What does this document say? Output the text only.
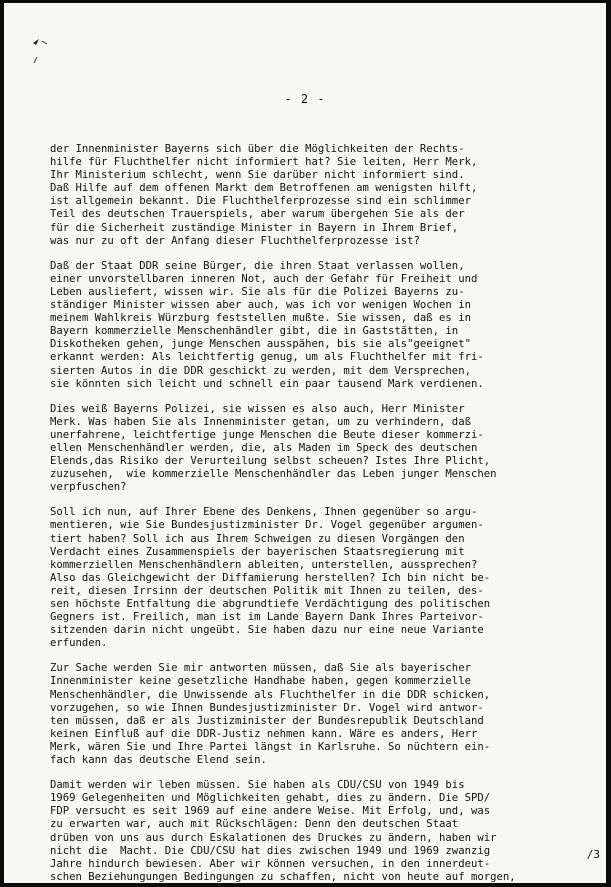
- 2 -

der Innenminister Bayerns sich über die Möglichkeiten der Rechts-
hilfe für Fluchthelfer nicht informiert hat? Sie leiten, Herr Merk,
Ihr Ministerium schlecht, wenn Sie darüber nicht informiert sind.
Daß Hilfe auf dem offenen Markt dem Betroffenen am wenigsten hilft,
ist allgemein bekannt. Die Fluchthelferprozesse sind ein schlimmer
Teil des deutschen Trauerspiels, aber warum übergehen Sie als der
für die Sicherheit zuständige Minister in Bayern in Ihrem Brief,
was nur zu oft der Anfang dieser Fluchthelferprozesse ist?

Daß der Staat DDR seine Bürger, die ihren Staat verlassen wollen,
einer unvorstellbaren inneren Not, auch der Gefahr für Freiheit und
Leben ausliefert, wissen wir. Sie als für die Polizei Bayerns zu-
ständiger Minister wissen aber auch, was ich vor wenigen Wochen in
meinem Wahlkreis Würzburg feststellen mußte. Sie wissen, daß es in
Bayern kommerzielle Menschenhändler gibt, die in Gaststätten, in
Diskotheken gehen, junge Menschen ausspähen, bis sie als"geeignet"
erkannt werden: Als leichtfertig genug, um als Fluchthelfer mit fri-
sierten Autos in die DDR geschickt zu werden, mit dem Versprechen,
sie könnten sich leicht und schnell ein paar tausend Mark verdienen.

Dies weiß Bayerns Polizei, sie wissen es also auch, Herr Minister
Merk. Was haben Sie als Innenminister getan, um zu verhindern, daß
unerfahrene, leichtfertige junge Menschen die Beute dieser kommerzi-
ellen Menschenhändler werden, die, als Maden im Speck des deutschen
Elends,das Risiko der Verurteilung selbst scheuen? Istes Ihre Plicht,
zuzusehen,  wie kommerzielle Menschenhändler das Leben junger Menschen
verpfuschen?

Soll ich nun, auf Ihrer Ebene des Denkens, Ihnen gegenüber so argu-
mentieren, wie Sie Bundesjustizminister Dr. Vogel gegenüber argumen-
tiert haben? Soll ich aus Ihrem Schweigen zu diesen Vorgängen den
Verdacht eines Zusammenspiels der bayerischen Staatsregierung mit
kommerziellen Menschenhändlern ableiten, unterstellen, aussprechen?
Also das Gleichgewicht der Diffamierung herstellen? Ich bin nicht be-
reit, diesen Irrsinn der deutschen Politik mit Ihnen zu teilen, des-
sen höchste Entfaltung die abgrundtiefe Verdächtigung des politischen
Gegners ist. Freilich, man ist im Lande Bayern Dank Ihres Parteivor-
sitzenden darin nicht ungeübt. Sie haben dazu nur eine neue Variante
erfunden.

Zur Sache werden Sie mir antworten müssen, daß Sie als bayerischer
Innenminister keine gesetzliche Handhabe haben, gegen kommerzielle
Menschenhändler, die Unwissende als Fluchthelfer in die DDR schicken,
vorzugehen, so wie Ihnen Bundesjustizminister Dr. Vogel wird antwor-
ten müssen, daß er als Justizminister der Bundesrepublik Deutschland
keinen Einfluß auf die DDR-Justiz nehmen kann. Wäre es anders, Herr
Merk, wären Sie und Ihre Partei längst in Karlsruhe. So nüchtern ein-
fach kann das deutsche Elend sein.

Damit werden wir leben müssen. Sie haben als CDU/CSU von 1949 bis
1969 Gelegenheiten und Möglichkeiten gehabt, dies zu ändern. Die SPD/
FDP versucht es seit 1969 auf eine andere Weise. Mit Erfolg, und, was
zu erwarten war, auch mit Rückschlägen: Denn den deutschen Staat
drüben von uns aus durch Eskalationen des Druckes zu ändern, haben wir
nicht die  Macht. Die CDU/CSU hat dies zwischen 1949 und 1969 zwanzig
Jahre hindurch bewiesen. Aber wir können versuchen, in den innerdeut-
schen Beziehungungen Bedingungen zu schaffen, nicht von heute auf morgen,

/3
